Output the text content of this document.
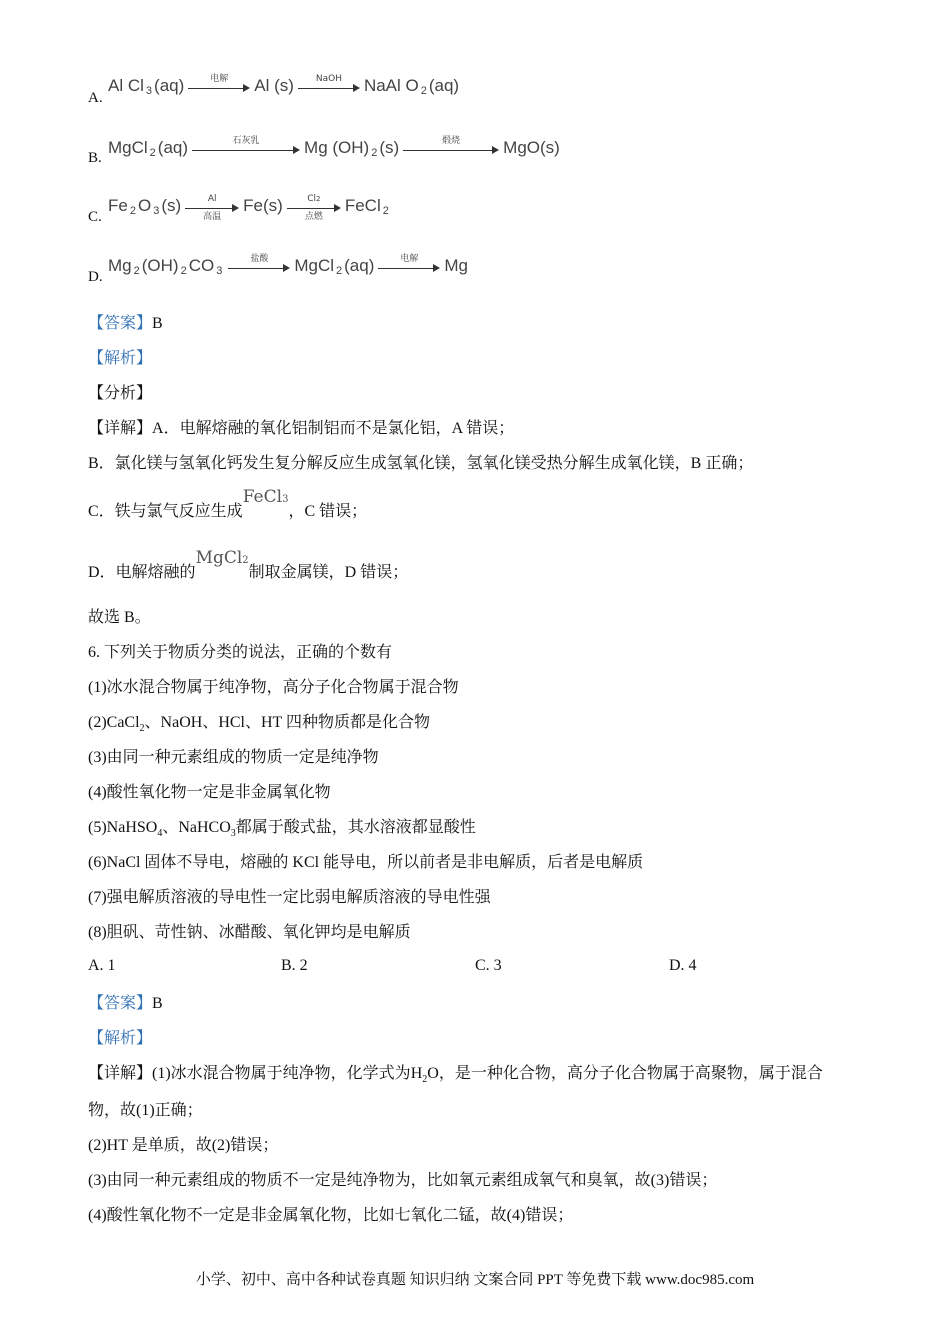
A.
Al Cl 3 (aq)	电解 Al (s) NaOH NaAl O 2 (aq)
B.
MgCl 2 (aq)	石灰乳	Mg (OH) 2 (s)	煅烧	MgO(s)
C.
Fe 2 O 3 (s)	Al
高温
Fe(s)	Cl2
点燃
FeCl 2
D.
Mg 2 (OH) 2 CO 3
盐酸 MgCl 2 (aq)	电解 Mg
【答案】B
【解析】
【分析】
【详解】A．电解熔融的氧化铝制铝而不是氯化铝，A 错误；
B．氯化镁与氢氧化钙发生复分解反应生成氢氧化镁，氢氧化镁受热分解生成氧化镁，B 正确；
C．铁与氯气反应生成FeCl3，C 错误；
D．电解熔融的MgCl2制取金属镁，D 错误；
故选 B。
6. 下列关于物质分类的说法，正确的个数有
(1)冰水混合物属于纯净物，高分子化合物属于混合物
(2)CaCl$_2$、NaOH、HCl、HT 四种物质都是化合物
(3)由同一种元素组成的物质一定是纯净物
(4)酸性氧化物一定是非金属氧化物
(5)NaHSO$_4$、NaHCO$_3$都属于酸式盐，其水溶液都显酸性
(6)NaCl 固体不导电，熔融的 KCl 能导电，所以前者是非电解质，后者是电解质
(7)强电解质溶液的导电性一定比弱电解质溶液的导电性强
(8)胆矾、苛性钠、冰醋酸、氧化钾均是电解质
A. 1	B. 2	C. 3	D. 4
【答案】B
【解析】
【详解】(1)冰水混合物属于纯净物，化学式为$H_2O$，是一种化合物，高分子化合物属于高聚物，属于混合
物，故(1)正确；
(2)HT 是单质，故(2)错误；
(3)由同一种元素组成的物质不一定是纯净物为，比如氧元素组成氧气和臭氧，故(3)错误；
(4)酸性氧化物不一定是非金属氧化物，比如七氧化二锰，故(4)错误；
小学、初中、高中各种试卷真题 知识归纳 文案合同 PPT 等免费下载 www.doc985.com
